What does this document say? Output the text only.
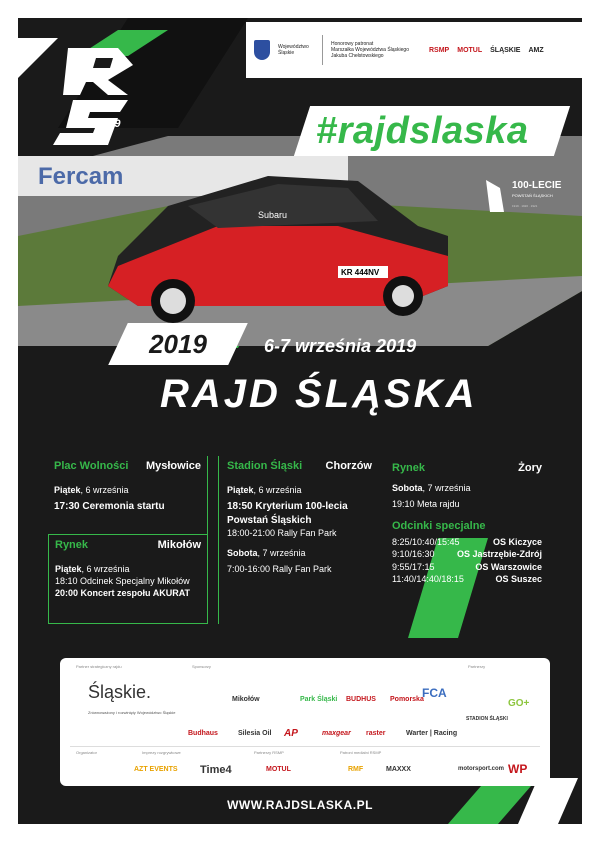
Fercam
KR 444NV
Subaru
2019
Województwo Śląskie
Honorowy patronat
Marszałka Województwa Śląskiego
Jakuba Chełstowskiego
RSMP MOTUL ŚLĄSKIE AMZ
#rajdslaska
100-LECIE
POWSTAŃ ŚLĄSKICH
1919 · 1920 · 1921
2019	6-7 września 2019
RAJD ŚLĄSKA
Plac Wolności Mysłowice
Piątek, 6 września
17:30 Ceremonia startu
Rynek	Mikołów
Piątek, 6 września
18:10 Odcinek Specjalny Mikołów
20:00 Koncert zespołu AKURAT
Stadion Śląski Chorzów
Piątek, 6 września
18:50 Kryterium 100-lecia
Powstań Śląskich
18:00-21:00 Rally Fan Park
Sobota, 7 września
7:00-16:00 Rally Fan Park
Rynek	Żory
Sobota, 7 września
19:10 Meta rajdu
Odcinki specjalne
8:25/10:40/15:45	OS Kiczyce
9:10/16:30 OS Jastrzębie-Zdrój
9:55/17:15	OS Warszowice
11:40/14:40/18:15	OS Suszec
Partner strategiczny rajdu	Sponsorzy	Partnerzy
Śląskie.
Zrównoważony i rozwinięty Województwo Śląskie
Mikołów	Park Śląski BUDHUS Pomorska
FCA
Budhaus	Silesia Oil AP	maxgear raster	Warter | Racing
STADION ŚLĄSKI
GO+
Organizator	Imprezy rozgrywkowe	Partnerzy RSMP	Patroni medialni RSMP
AZT EVENTS Time4	MOTUL	RMF	MAXXX	motorsport.com WP
WWW.RAJDSLASKA.PL
